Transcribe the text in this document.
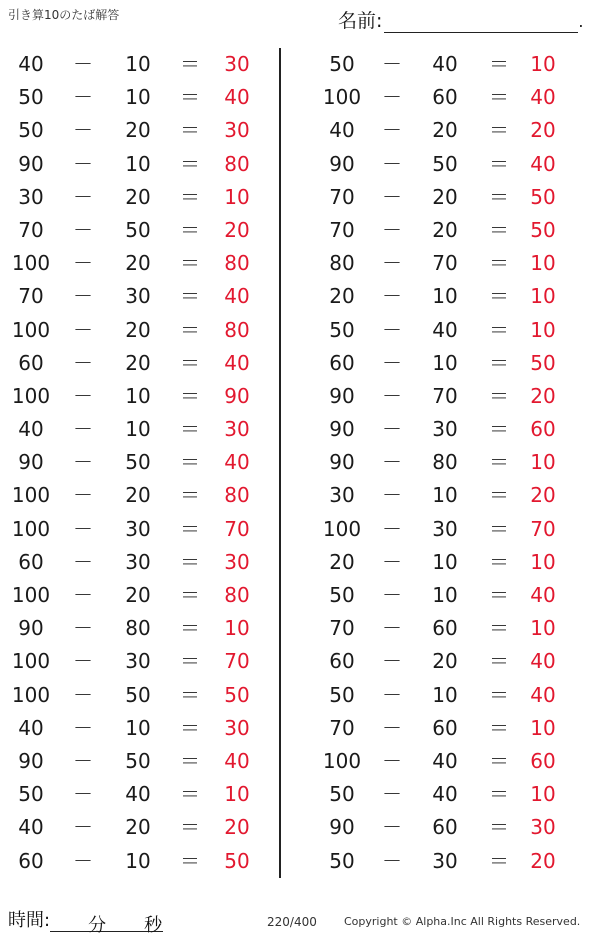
引き算10のたば解答	名前:	.
40	－ 10 ＝ 30
50	－ 10 ＝ 40
50	－ 20 ＝ 30
90	－ 10 ＝ 80
30	－ 20 ＝ 10
70	－ 50 ＝ 20
100 － 20 ＝ 80
70	－ 30 ＝ 40
100 － 20 ＝ 80
60	－ 20 ＝ 40
100 － 10 ＝ 90
40	－ 10 ＝ 30
90	－ 50 ＝ 40
100 － 20 ＝ 80
100 － 30 ＝ 70
60	－ 30 ＝ 30
100 － 20 ＝ 80
90	－ 80 ＝ 10
100 － 30 ＝ 70
100 － 50 ＝ 50
40	－ 10 ＝ 30
90	－ 50 ＝ 40
50	－ 40 ＝ 10
40	－ 20 ＝ 20
60	－ 10 ＝ 50
50	－ 40 ＝ 10
100 － 60 ＝ 40
40	－ 20 ＝ 20
90	－ 50 ＝ 40
70	－ 20 ＝ 50
70	－ 20 ＝ 50
80	－ 70 ＝ 10
20	－ 10 ＝ 10
50	－ 40 ＝ 10
60	－ 10 ＝ 50
90	－ 70 ＝ 20
90	－ 30 ＝ 60
90	－ 80 ＝ 10
30	－ 10 ＝ 20
100 － 30 ＝ 70
20	－ 10 ＝ 10
50	－ 10 ＝ 40
70	－ 60 ＝ 10
60	－ 20 ＝ 40
50	－ 10 ＝ 40
70	－ 60 ＝ 10
100 － 40 ＝ 60
50	－ 40 ＝ 10
90	－ 60 ＝ 30
50	－ 30 ＝ 20
時間: 分 秒	220/400 Copyright © Alpha.Inc All Rights Reserved.
